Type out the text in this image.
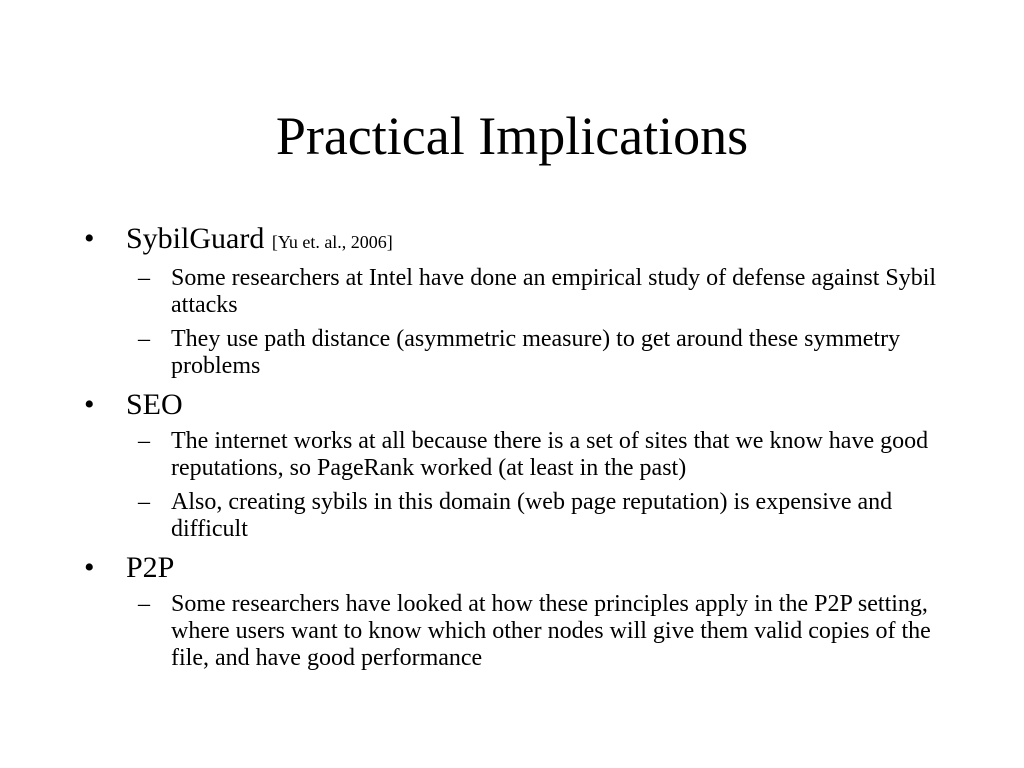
Practical Implications
•	SybilGuard [Yu et. al., 2006]
– Some researchers at Intel have done an empirical study of defense against Sybil attacks
– They use path distance (asymmetric measure) to get around these symmetry problems
•	SEO
– The internet works at all because there is a set of sites that we know have good reputations, so PageRank worked (at least in the past)
– Also, creating sybils in this domain (web page reputation) is expensive and difficult
•	P2P
– Some researchers have looked at how these principles apply in the P2P setting, where users want to know which other nodes will give them valid copies of the file, and have good performance
